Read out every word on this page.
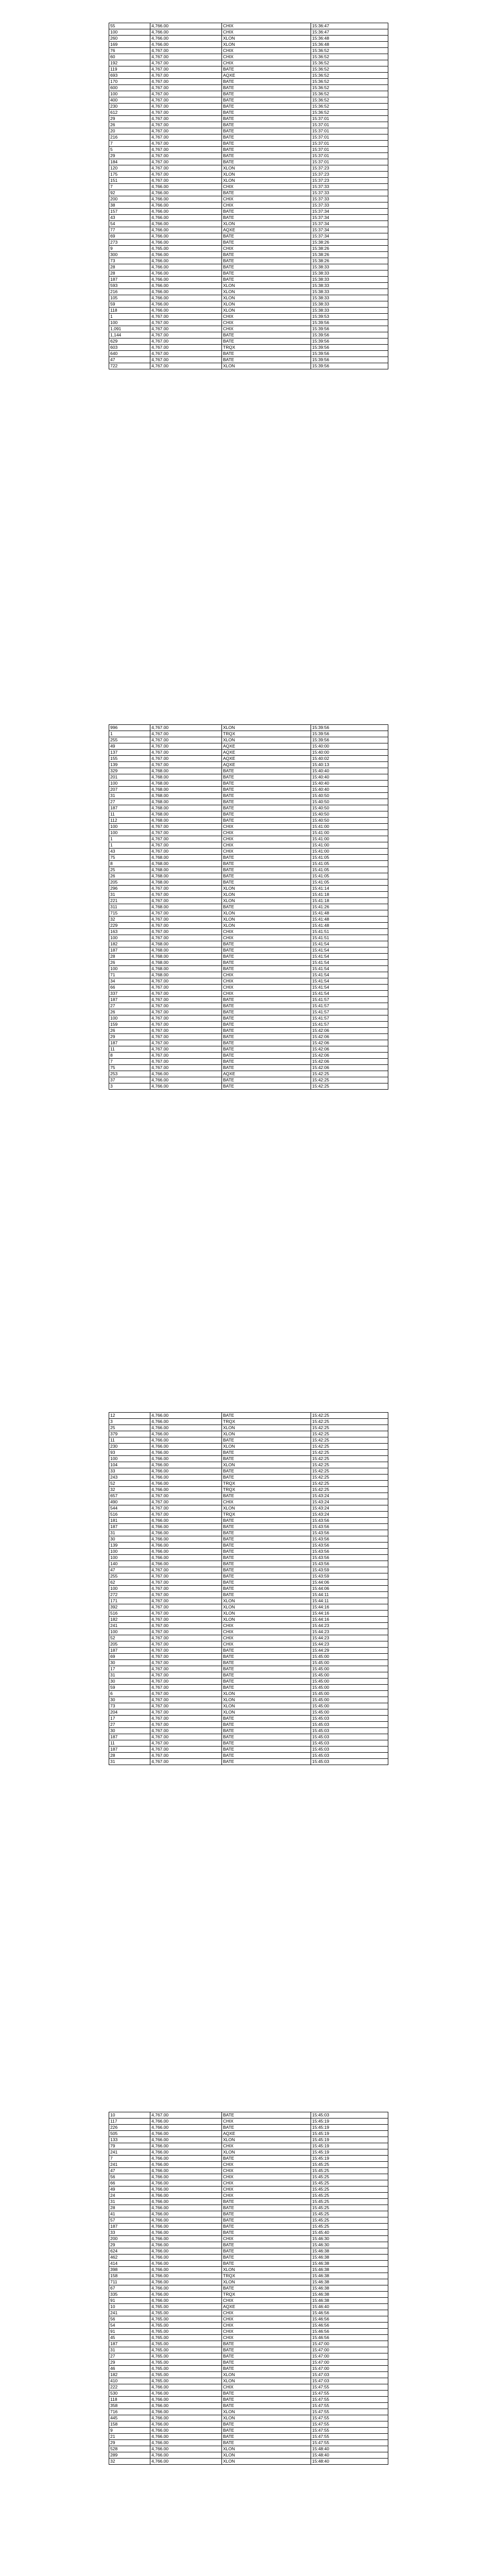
55	4,766.00	CHIX	15:36:47
100	4,766.00	CHIX	15:36:47
260	4,766.00	XLON	15:36:48
169	4,766.00	XLON	15:36:48
76	4,767.00	CHIX	15:36:52
60	4,767.00	CHIX	15:36:52
192	4,767.00	CHIX	15:36:52
119	4,767.00	BATE	15:36:52
693	4,767.00	AQXE	15:36:52
170	4,767.00	BATE	15:36:52
600	4,767.00	BATE	15:36:52
100	4,767.00	BATE	15:36:52
400	4,767.00	BATE	15:36:52
230	4,767.00	BATE	15:36:52
612	4,767.00	BATE	15:36:52
29	4,767.00	BATE	15:37:01
26	4,767.00	BATE	15:37:01
20	4,767.00	BATE	15:37:01
216	4,767.00	BATE	15:37:01
7	4,767.00	BATE	15:37:01
5	4,767.00	BATE	15:37:01
29	4,767.00	BATE	15:37:01
184	4,767.00	BATE	15:37:01
120	4,767.00	XLON	15:37:23
175	4,767.00	XLON	15:37:23
151	4,767.00	XLON	15:37:23
7	4,766.00	CHIX	15:37:33
92	4,766.00	BATE	15:37:33
200	4,766.00	CHIX	15:37:33
38	4,766.00	CHIX	15:37:33
157	4,766.00	BATE	15:37:34
43	4,766.00	BATE	15:37:34
54	4,766.00	XLON	15:37:34
77	4,766.00	AQXE	15:37:34
69	4,766.00	BATE	15:37:34
273	4,766.00	BATE	15:38:26
9	4,765.00	CHIX	15:38:26
300	4,766.00	BATE	15:38:26
73	4,766.00	BATE	15:38:26
28	4,766.00	BATE	15:38:33
28	4,766.00	BATE	15:38:33
187	4,766.00	BATE	15:38:33
593	4,766.00	XLON	15:38:33
216	4,766.00	XLON	15:38:33
105	4,766.00	XLON	15:38:33
59	4,766.00	XLON	15:38:33
118	4,766.00	XLON	15:38:33
1	4,767.00	CHIX	15:39:53
100	4,767.00	CHIX	15:39:56
1,091	4,767.00	CHIX	15:39:56
1,144	4,767.00	BATE	15:39:56
629	4,767.00	BATE	15:39:56
603	4,767.00	TRQX	15:39:56
640	4,767.00	BATE	15:39:56
47	4,767.00	BATE	15:39:56
722	4,767.00	XLON	15:39:56
996	4,767.00	XLON	15:39:56
1	4,767.00	TRQX	15:39:56
255	4,767.00	XLON	15:39:56
49	4,767.00	AQXE	15:40:00
137	4,767.00	AQXE	15:40:00
155	4,767.00	AQXE	15:40:02
139	4,767.00	AQXE	15:40:13
329	4,768.00	BATE	15:40:40
201	4,768.00	BATE	15:40:40
100	4,768.00	BATE	15:40:40
207	4,768.00	BATE	15:40:40
31	4,768.00	BATE	15:40:50
27	4,768.00	BATE	15:40:50
187	4,768.00	BATE	15:40:50
11	4,768.00	BATE	15:40:50
112	4,768.00	BATE	15:40:50
100	4,767.00	CHIX	15:41:00
100	4,767.00	CHIX	15:41:00
1	4,767.00	CHIX	15:41:00
1	4,767.00	CHIX	15:41:00
43	4,767.00	CHIX	15:41:00
75	4,768.00	BATE	15:41:05
8	4,768.00	BATE	15:41:05
25	4,768.00	BATE	15:41:05
26	4,768.00	BATE	15:41:05
205	4,768.00	BATE	15:41:05
296	4,767.00	XLON	15:41:14
31	4,767.00	XLON	15:41:18
221	4,767.00	XLON	15:41:18
311	4,768.00	BATE	15:41:26
715	4,767.00	XLON	15:41:48
32	4,767.00	XLON	15:41:48
229	4,767.00	XLON	15:41:48
163	4,767.00	CHIX	15:41:51
100	4,767.00	CHIX	15:41:51
182	4,768.00	BATE	15:41:54
187	4,768.00	BATE	15:41:54
28	4,768.00	BATE	15:41:54
26	4,768.00	BATE	15:41:54
100	4,768.00	BATE	15:41:54
71	4,768.00	CHIX	15:41:54
34	4,767.00	CHIX	15:41:54
66	4,767.00	CHIX	15:41:54
337	4,767.00	CHIX	15:41:54
187	4,767.00	BATE	15:41:57
27	4,767.00	BATE	15:41:57
26	4,767.00	BATE	15:41:57
100	4,767.00	BATE	15:41:57
159	4,767.00	BATE	15:41:57
26	4,767.00	BATE	15:42:06
29	4,767.00	BATE	15:42:06
187	4,767.00	BATE	15:42:06
11	4,767.00	BATE	15:42:06
8	4,767.00	BATE	15:42:06
7	4,767.00	BATE	15:42:06
75	4,767.00	BATE	15:42:06
253	4,766.00	AQXE	15:42:25
37	4,766.00	BATE	15:42:25
3	4,766.00	BATE	15:42:25
12	4,766.00	BATE	15:42:25
3	4,766.00	TRQX	15:42:25
25	4,766.00	XLON	15:42:25
379	4,766.00	XLON	15:42:25
11	4,766.00	BATE	15:42:25
230	4,766.00	XLON	15:42:25
93	4,766.00	BATE	15:42:25
100	4,766.00	BATE	15:42:25
104	4,766.00	XLON	15:42:25
33	4,766.00	BATE	15:42:25
243	4,766.00	BATE	15:42:25
52	4,766.00	TRQX	15:42:25
32	4,766.00	TRQX	15:42:25
657	4,767.00	BATE	15:43:24
490	4,767.00	CHIX	15:43:24
544	4,767.00	XLON	15:43:24
516	4,767.00	TRQX	15:43:24
181	4,766.00	BATE	15:43:56
187	4,766.00	BATE	15:43:56
31	4,766.00	BATE	15:43:56
30	4,766.00	BATE	15:43:56
139	4,766.00	BATE	15:43:56
100	4,766.00	BATE	15:43:56
100	4,766.00	BATE	15:43:56
140	4,766.00	BATE	15:43:56
47	4,767.00	BATE	15:43:59
255	4,767.00	BATE	15:43:59
62	4,767.00	BATE	15:44:06
100	4,767.00	BATE	15:44:06
272	4,767.00	BATE	15:44:11
171	4,767.00	XLON	15:44:11
392	4,767.00	XLON	15:44:16
516	4,767.00	XLON	15:44:16
182	4,767.00	XLON	15:44:16
241	4,767.00	CHIX	15:44:23
100	4,767.00	CHIX	15:44:23
52	4,767.00	CHIX	15:44:23
205	4,767.00	CHIX	15:44:23
187	4,767.00	BATE	15:44:29
69	4,767.00	BATE	15:45:00
30	4,767.00	BATE	15:45:00
17	4,767.00	BATE	15:45:00
31	4,767.00	BATE	15:45:00
30	4,767.00	BATE	15:45:00
59	4,767.00	BATE	15:45:00
6	4,767.00	XLON	15:45:00
30	4,767.00	XLON	15:45:00
73	4,767.00	XLON	15:45:00
204	4,767.00	XLON	15:45:00
17	4,767.00	BATE	15:45:03
27	4,767.00	BATE	15:45:03
30	4,767.00	BATE	15:45:03
187	4,767.00	BATE	15:45:03
11	4,767.00	BATE	15:45:03
187	4,767.00	BATE	15:45:03
28	4,767.00	BATE	15:45:03
31	4,767.00	BATE	15:45:03
10	4,767.00	BATE	15:45:03
117	4,766.00	CHIX	15:45:19
226	4,766.00	BATE	15:45:19
505	4,766.00	AQXE	15:45:19
133	4,766.00	XLON	15:45:19
79	4,766.00	CHIX	15:45:19
241	4,766.00	XLON	15:45:19
7	4,766.00	BATE	15:45:19
241	4,766.00	CHIX	15:45:25
47	4,766.00	CHIX	15:45:25
56	4,766.00	CHIX	15:45:25
66	4,766.00	CHIX	15:45:25
49	4,766.00	CHIX	15:45:25
24	4,766.00	CHIX	15:45:25
31	4,766.00	BATE	15:45:25
28	4,766.00	BATE	15:45:25
41	4,766.00	BATE	15:45:25
57	4,766.00	BATE	15:45:25
187	4,766.00	BATE	15:45:25
33	4,766.00	BATE	15:45:40
200	4,766.00	CHIX	15:46:30
29	4,766.00	BATE	15:46:30
624	4,766.00	BATE	15:46:38
462	4,766.00	BATE	15:46:38
414	4,766.00	BATE	15:46:38
398	4,766.00	XLON	15:46:38
158	4,766.00	TRQX	15:46:38
711	4,766.00	XLON	15:46:38
67	4,766.00	BATE	15:46:38
335	4,766.00	TRQX	15:46:38
91	4,766.00	CHIX	15:46:38
10	4,765.00	AQXE	15:46:40
241	4,765.00	CHIX	15:46:56
56	4,765.00	CHIX	15:46:56
54	4,765.00	CHIX	15:46:56
91	4,765.00	CHIX	15:46:56
45	4,765.00	CHIX	15:46:56
187	4,765.00	BATE	15:47:00
31	4,765.00	BATE	15:47:00
27	4,765.00	BATE	15:47:00
29	4,765.00	BATE	15:47:00
46	4,765.00	BATE	15:47:00
182	4,765.00	XLON	15:47:03
410	4,765.00	XLON	15:47:03
222	4,766.00	CHIX	15:47:55
530	4,766.00	BATE	15:47:55
118	4,766.00	BATE	15:47:55
358	4,766.00	BATE	15:47:55
716	4,766.00	XLON	15:47:55
445	4,766.00	XLON	15:47:55
158	4,766.00	BATE	15:47:55
9	4,766.00	BATE	15:47:55
21	4,766.00	BATE	15:47:55
29	4,766.00	BATE	15:47:55
528	4,766.00	XLON	15:48:40
289	4,766.00	XLON	15:48:40
32	4,766.00	XLON	15:48:40
